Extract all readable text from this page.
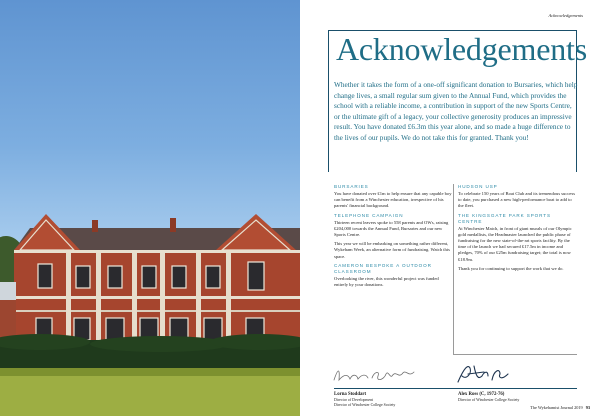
Acknowledgements
Acknowledgements

Whether it takes the form of a one-off significant donation to Bursaries, which help change lives, a small regular sum given to the Annual Fund, which provides the school with a reliable income, a contribution in support of the new Sports Centre, or the ultimate gift of a legacy, your collective generosity produces an impressive result. You have donated £6.3m this year alone, and so made a huge difference to the lives of our pupils. We do not take this for granted. Thank you!

BURSARIES
You have donated over £1m to help ensure that any capable boy can benefit from a Winchester education, irrespective of his parents' financial background.
TELEPHONE CAMPAIGN
Thirteen recent leavers spoke to 558 parents and OWs, raising £204,000 towards the Annual Fund, Bursaries and our new Sports Centre.
This year we will be embarking on something rather different, Wykeham Week, an alternative form of fundraising. Watch this space.
CAMERON BESPOKE A OUTDOOR CLASSROOM
Overlooking the river, this wonderful project was funded entirely by your donations.
HUDSON USP
To celebrate 150 years of Boat Club and its tremendous success to date, you purchased a new high-performance boat to add to the fleet.
THE KINGSGATE PARK SPORTS CENTRE
At Winchester Match, in front of giant murals of our Olympic gold medallists, the Headmaster launched the public phase of fundraising for the new state-of-the-art sports facility. By the time of the launch we had secured £17.5m in income and pledges, 70% of our £25m fundraising target; the total is now £18.9m.
Thank you for continuing to support the work that we do.
Lorna Stoddart
Director of Development
Director of Winchester College Society
Alex Ross (C, 1972-76)
Director of Winchester College Society
The Wykehamist Journal 2019 93
